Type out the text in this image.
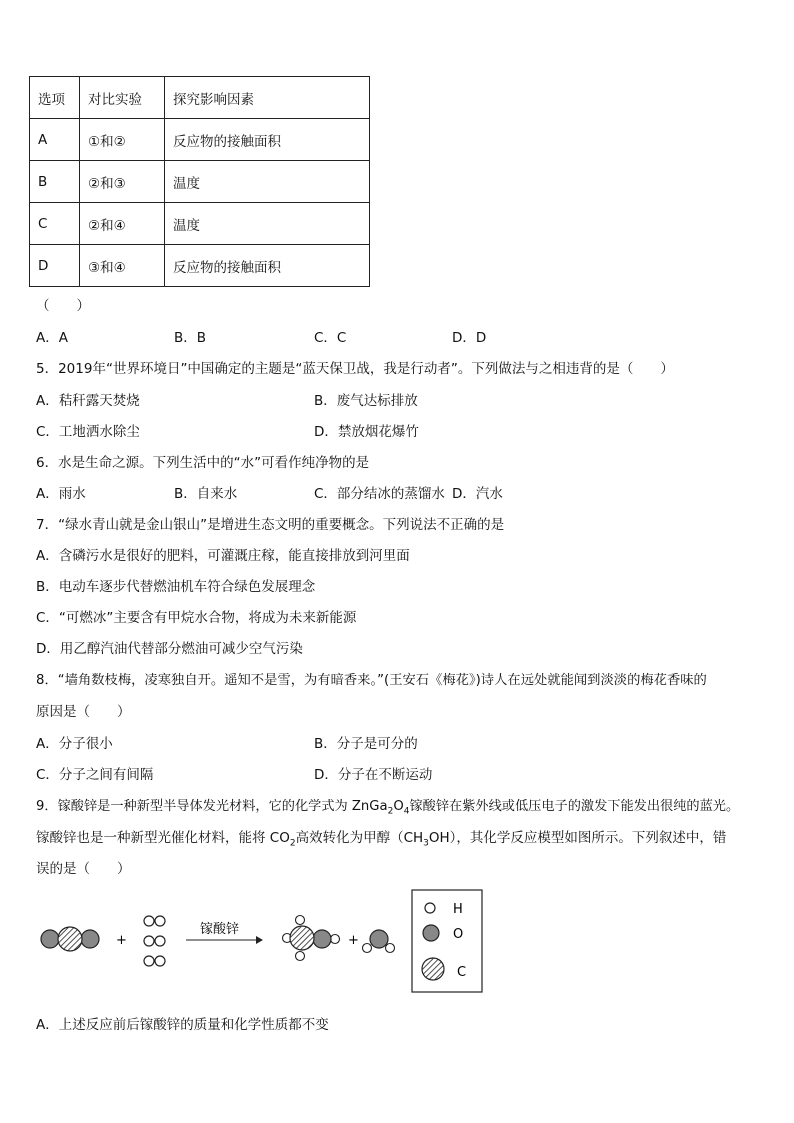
选项	对比实验	探究影响因素
A	①和②	反应物的接触面积
B	②和③	温度
C	②和④	温度
D	③和④	反应物的接触面积
（　　）
A．A	B．B	C．C	D．D
5．2019年“世界环境日”中国确定的主题是“蓝天保卫战，我是行动者”。下列做法与之相违背的是（　　）
A．秸秆露天焚烧	B．废气达标排放
C．工地洒水除尘	D．禁放烟花爆竹
6．水是生命之源。下列生活中的“水”可看作纯净物的是
A．雨水	B．自来水	C．部分结冰的蒸馏水 D．汽水
7．“绿水青山就是金山银山”是增进生态文明的重要概念。下列说法不正确的是
A．含磷污水是很好的肥料，可灌溉庄稼，能直接排放到河里面
B．电动车逐步代替燃油机车符合绿色发展理念
C．“可燃冰”主要含有甲烷水合物，将成为未来新能源
D．用乙醇汽油代替部分燃油可减少空气污染
8．“墙角数枝梅，凌寒独自开。遥知不是雪，为有暗香来。”(王安石《梅花》)诗人在远处就能闻到淡淡的梅花香味的
原因是（　　）
A．分子很小	B．分子是可分的
C．分子之间有间隔	D．分子在不断运动
9．镓酸锌是一种新型半导体发光材料，它的化学式为 $ZnGa_2O_4$镓酸锌在紫外线或低压电子的激发下能发出很纯的蓝光。
镓酸锌也是一种新型光催化材料，能将 $CO_2$高效转化为甲醇$(CH_3OH)$，其化学反应模型如图所示。下列叙述中，错
误的是（　　）
+
镓酸锌
+
H
O
C
A．上述反应前后镓酸锌的质量和化学性质都不变
